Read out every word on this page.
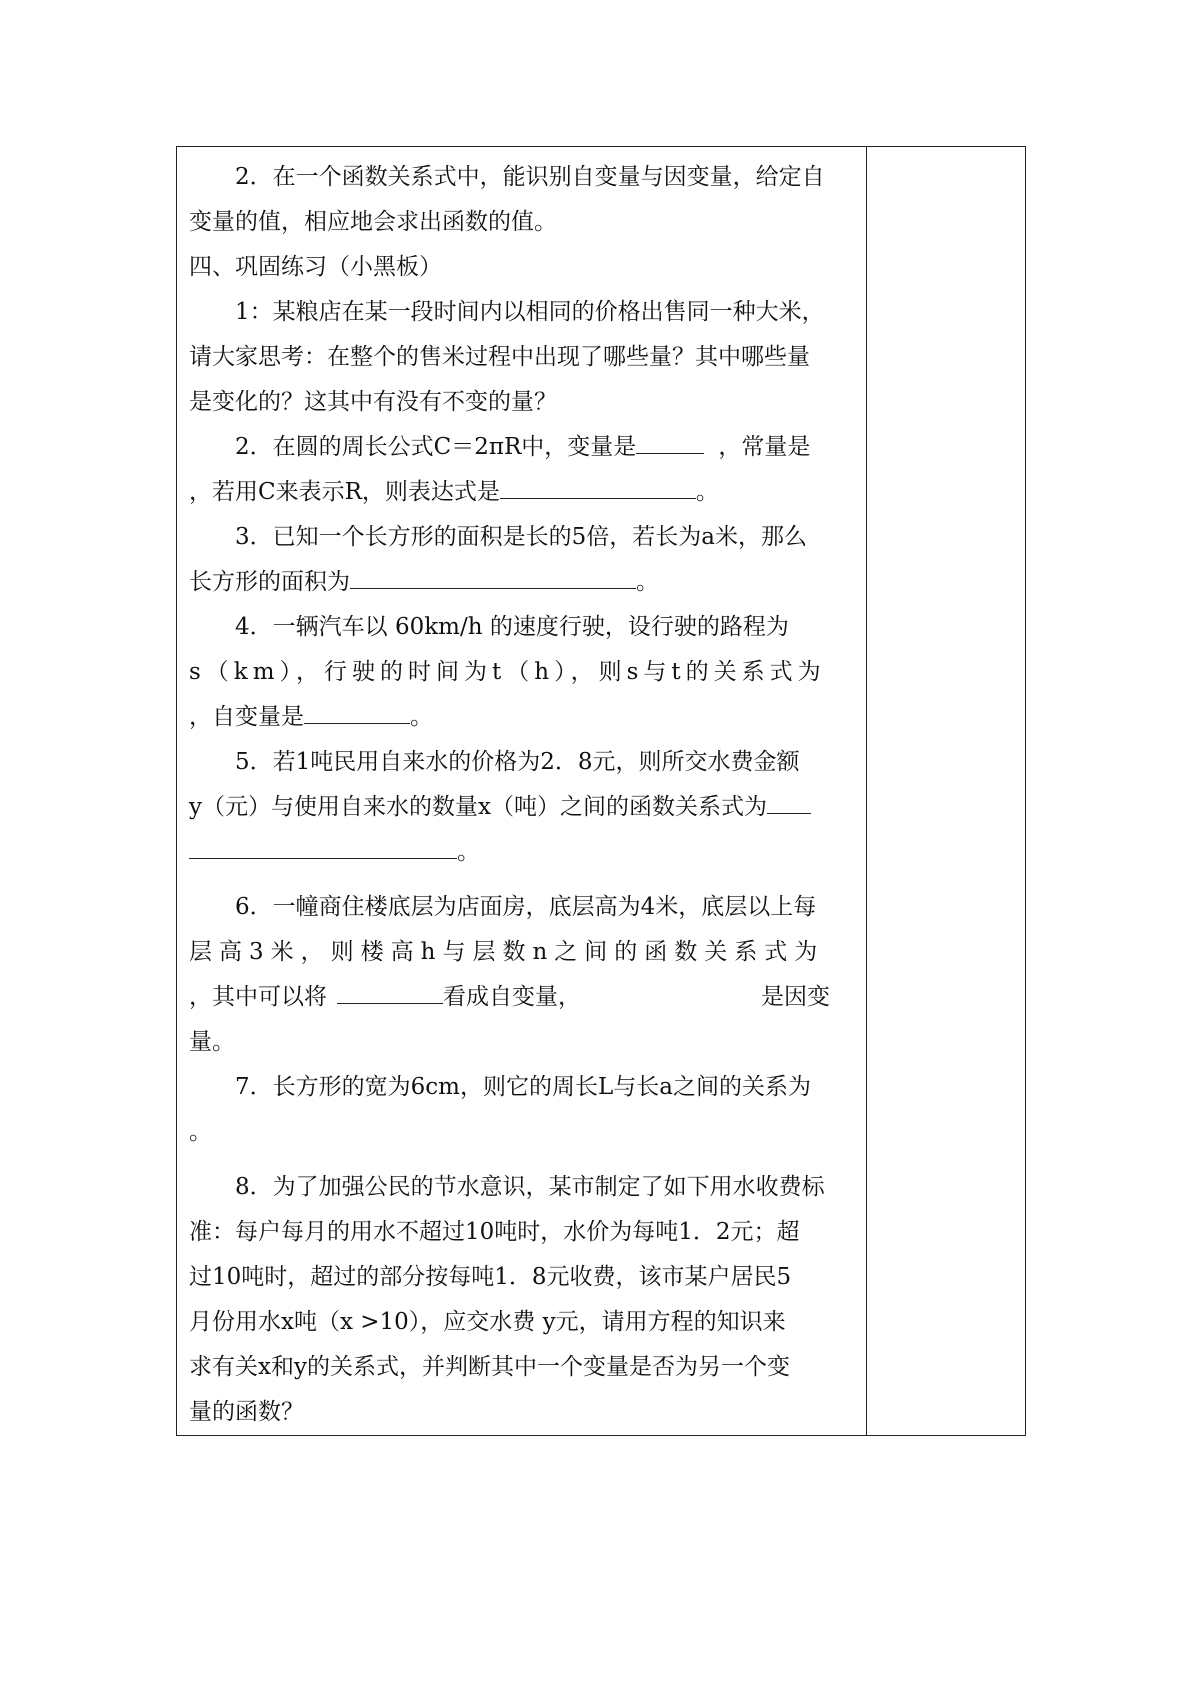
2．在一个函数关系式中，能识别自变量与因变量，给定自

变量的值，相应地会求出函数的值。

四、巩固练习（小黑板）

1：某粮店在某一段时间内以相同的价格出售同一种大米，

请大家思考：在整个的售米过程中出现了哪些量？其中哪些量

是变化的？这其中有没有不变的量？

2．在圆的周长公式C＝2πR中，变量是	，常量是

，若用C来表示R，则表达式是	。

3．已知一个长方形的面积是长的5倍，若长为a米，那么

长方形的面积为	。

4．一辆汽车以 60km/h 的速度行驶，设行驶的路程为

s（km），行驶的时间为t（h），则s与t的关系式为

，自变量是	。

5．若1吨民用自来水的价格为2．8元，则所交水费金额

y（元）与使用自来水的数量x（吨）之间的函数关系式为

。

6．一幢商住楼底层为店面房，底层高为4米，底层以上每

层高3米，则楼高h与层数n之间的函数关系式为

，其中可以将	看成自变量，	是因变

量。

7．长方形的宽为6cm，则它的周长L与长a之间的关系为

。

8．为了加强公民的节水意识，某市制定了如下用水收费标

准：每户每月的用水不超过10吨时，水价为每吨1．2元；超

过10吨时，超过的部分按每吨1．8元收费，该市某户居民5

月份用水x吨（x >10），应交水费 y元，请用方程的知识来

求有关x和y的关系式，并判断其中一个变量是否为另一个变

量的函数？
